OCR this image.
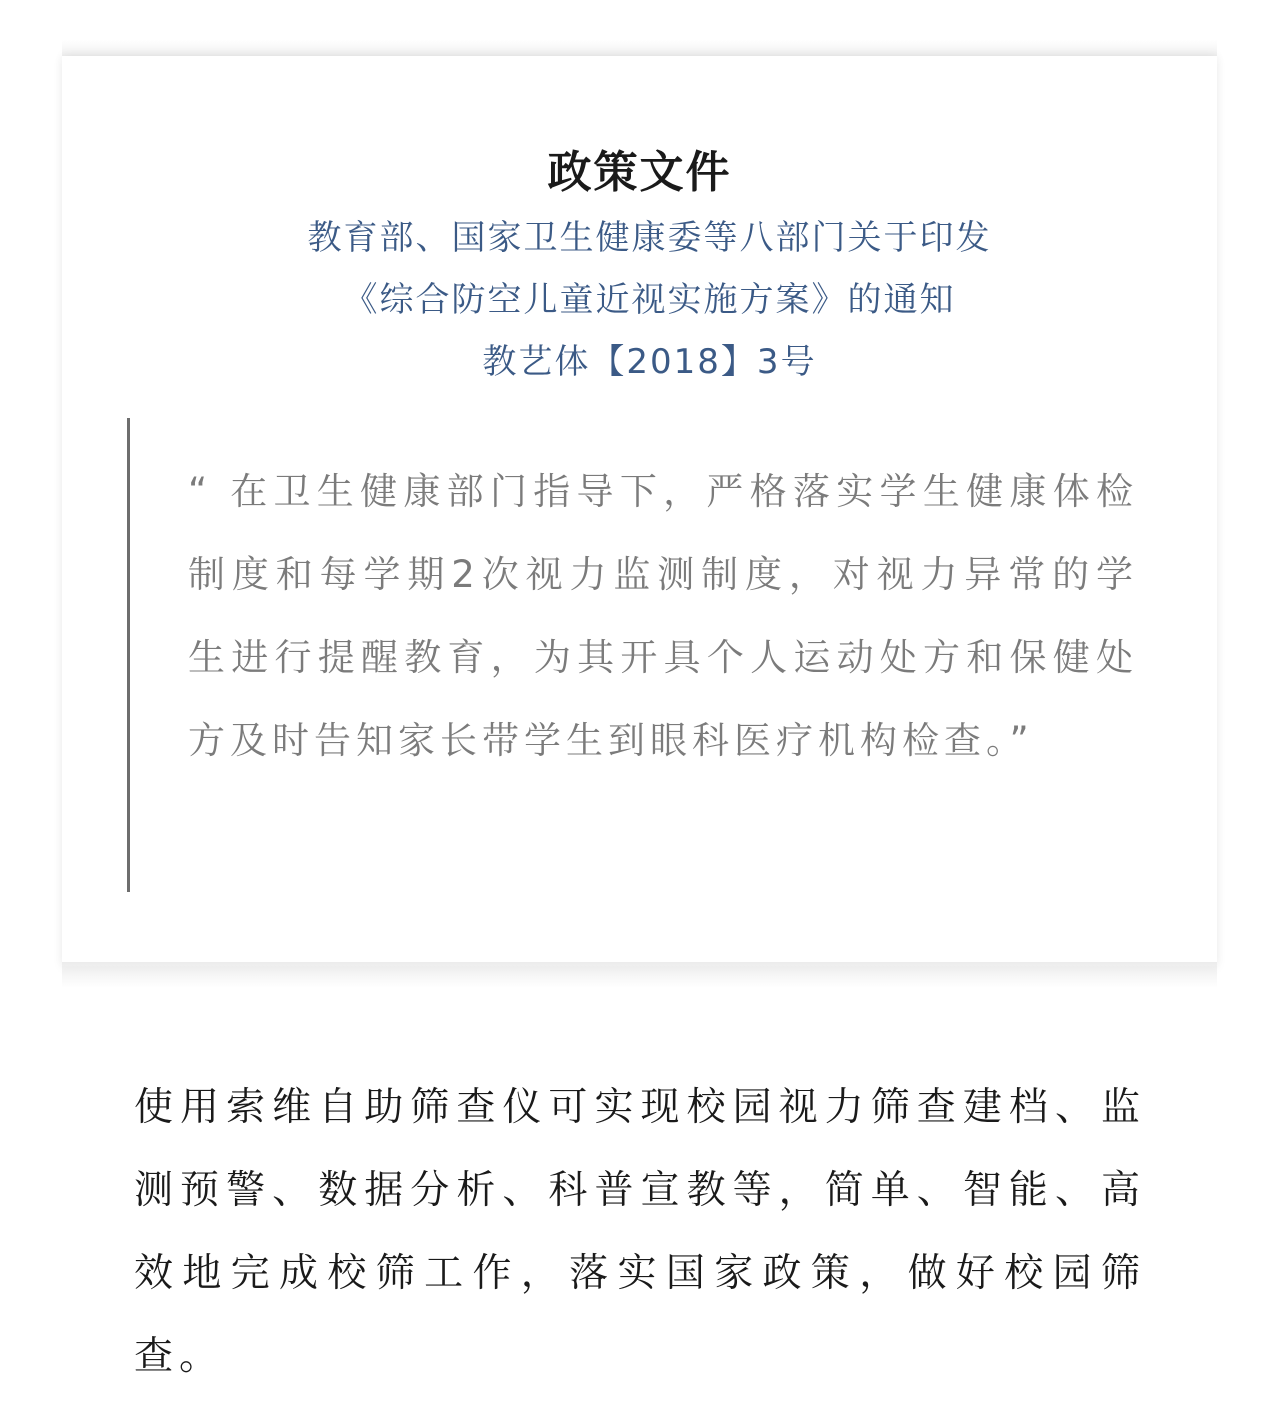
政策文件
教育部、国家卫生健康委等八部门关于印发
《综合防空儿童近视实施方案》的通知
教艺体【2018】3号
“ 在卫生健康部门指导下，严格落实学生健康体检制度和每学期2次视力监测制度，对视力异常的学生进行提醒教育，为其开具个人运动处方和保健处方及时告知家长带学生到眼科医疗机构检查。”
使用索维自助筛查仪可实现校园视力筛查建档、监测预警、数据分析、科普宣教等，简单、智能、高效地完成校筛工作，落实国家政策，做好校园筛查。
